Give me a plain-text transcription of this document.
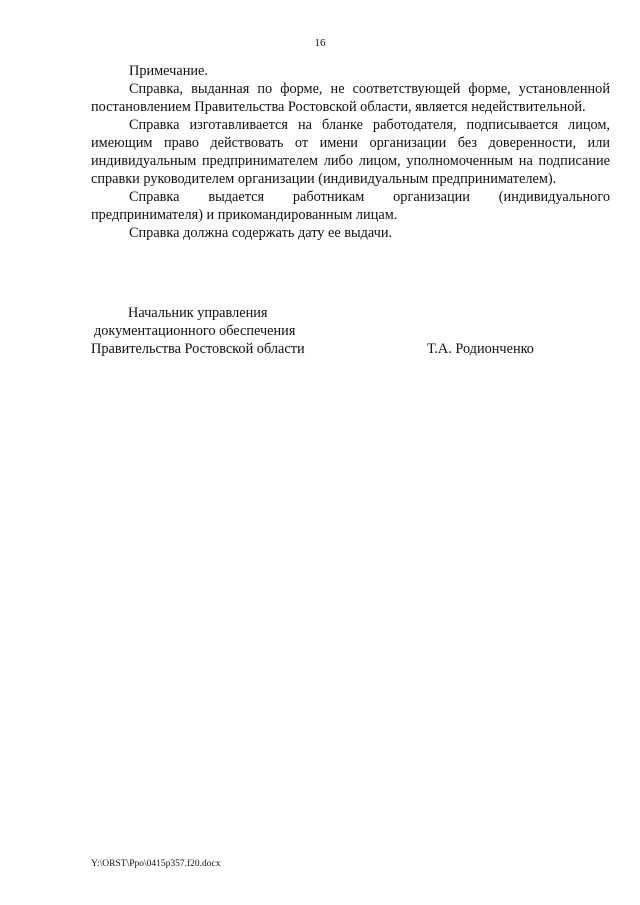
16

Примечание.

Справка, выданная по форме, не соответствующей форме, установленной постановлением Правительства Ростовской области, является недействительной.

Справка изготавливается на бланке работодателя, подписывается лицом, имеющим право действовать от имени организации без доверенности, или индивидуальным предпринимателем либо лицом, уполномоченным на подписание справки руководителем организации (индивидуальным предпринимателем).

Справка выдается работникам организации (индивидуального предпринимателя) и прикомандированным лицам.

Справка должна содержать дату ее выдачи.

Начальник управления
документационного обеспечения
Правительства Ростовской области	Т.А. Родионченко
Y:\ORST\Ppo\0415p357.f20.docx
